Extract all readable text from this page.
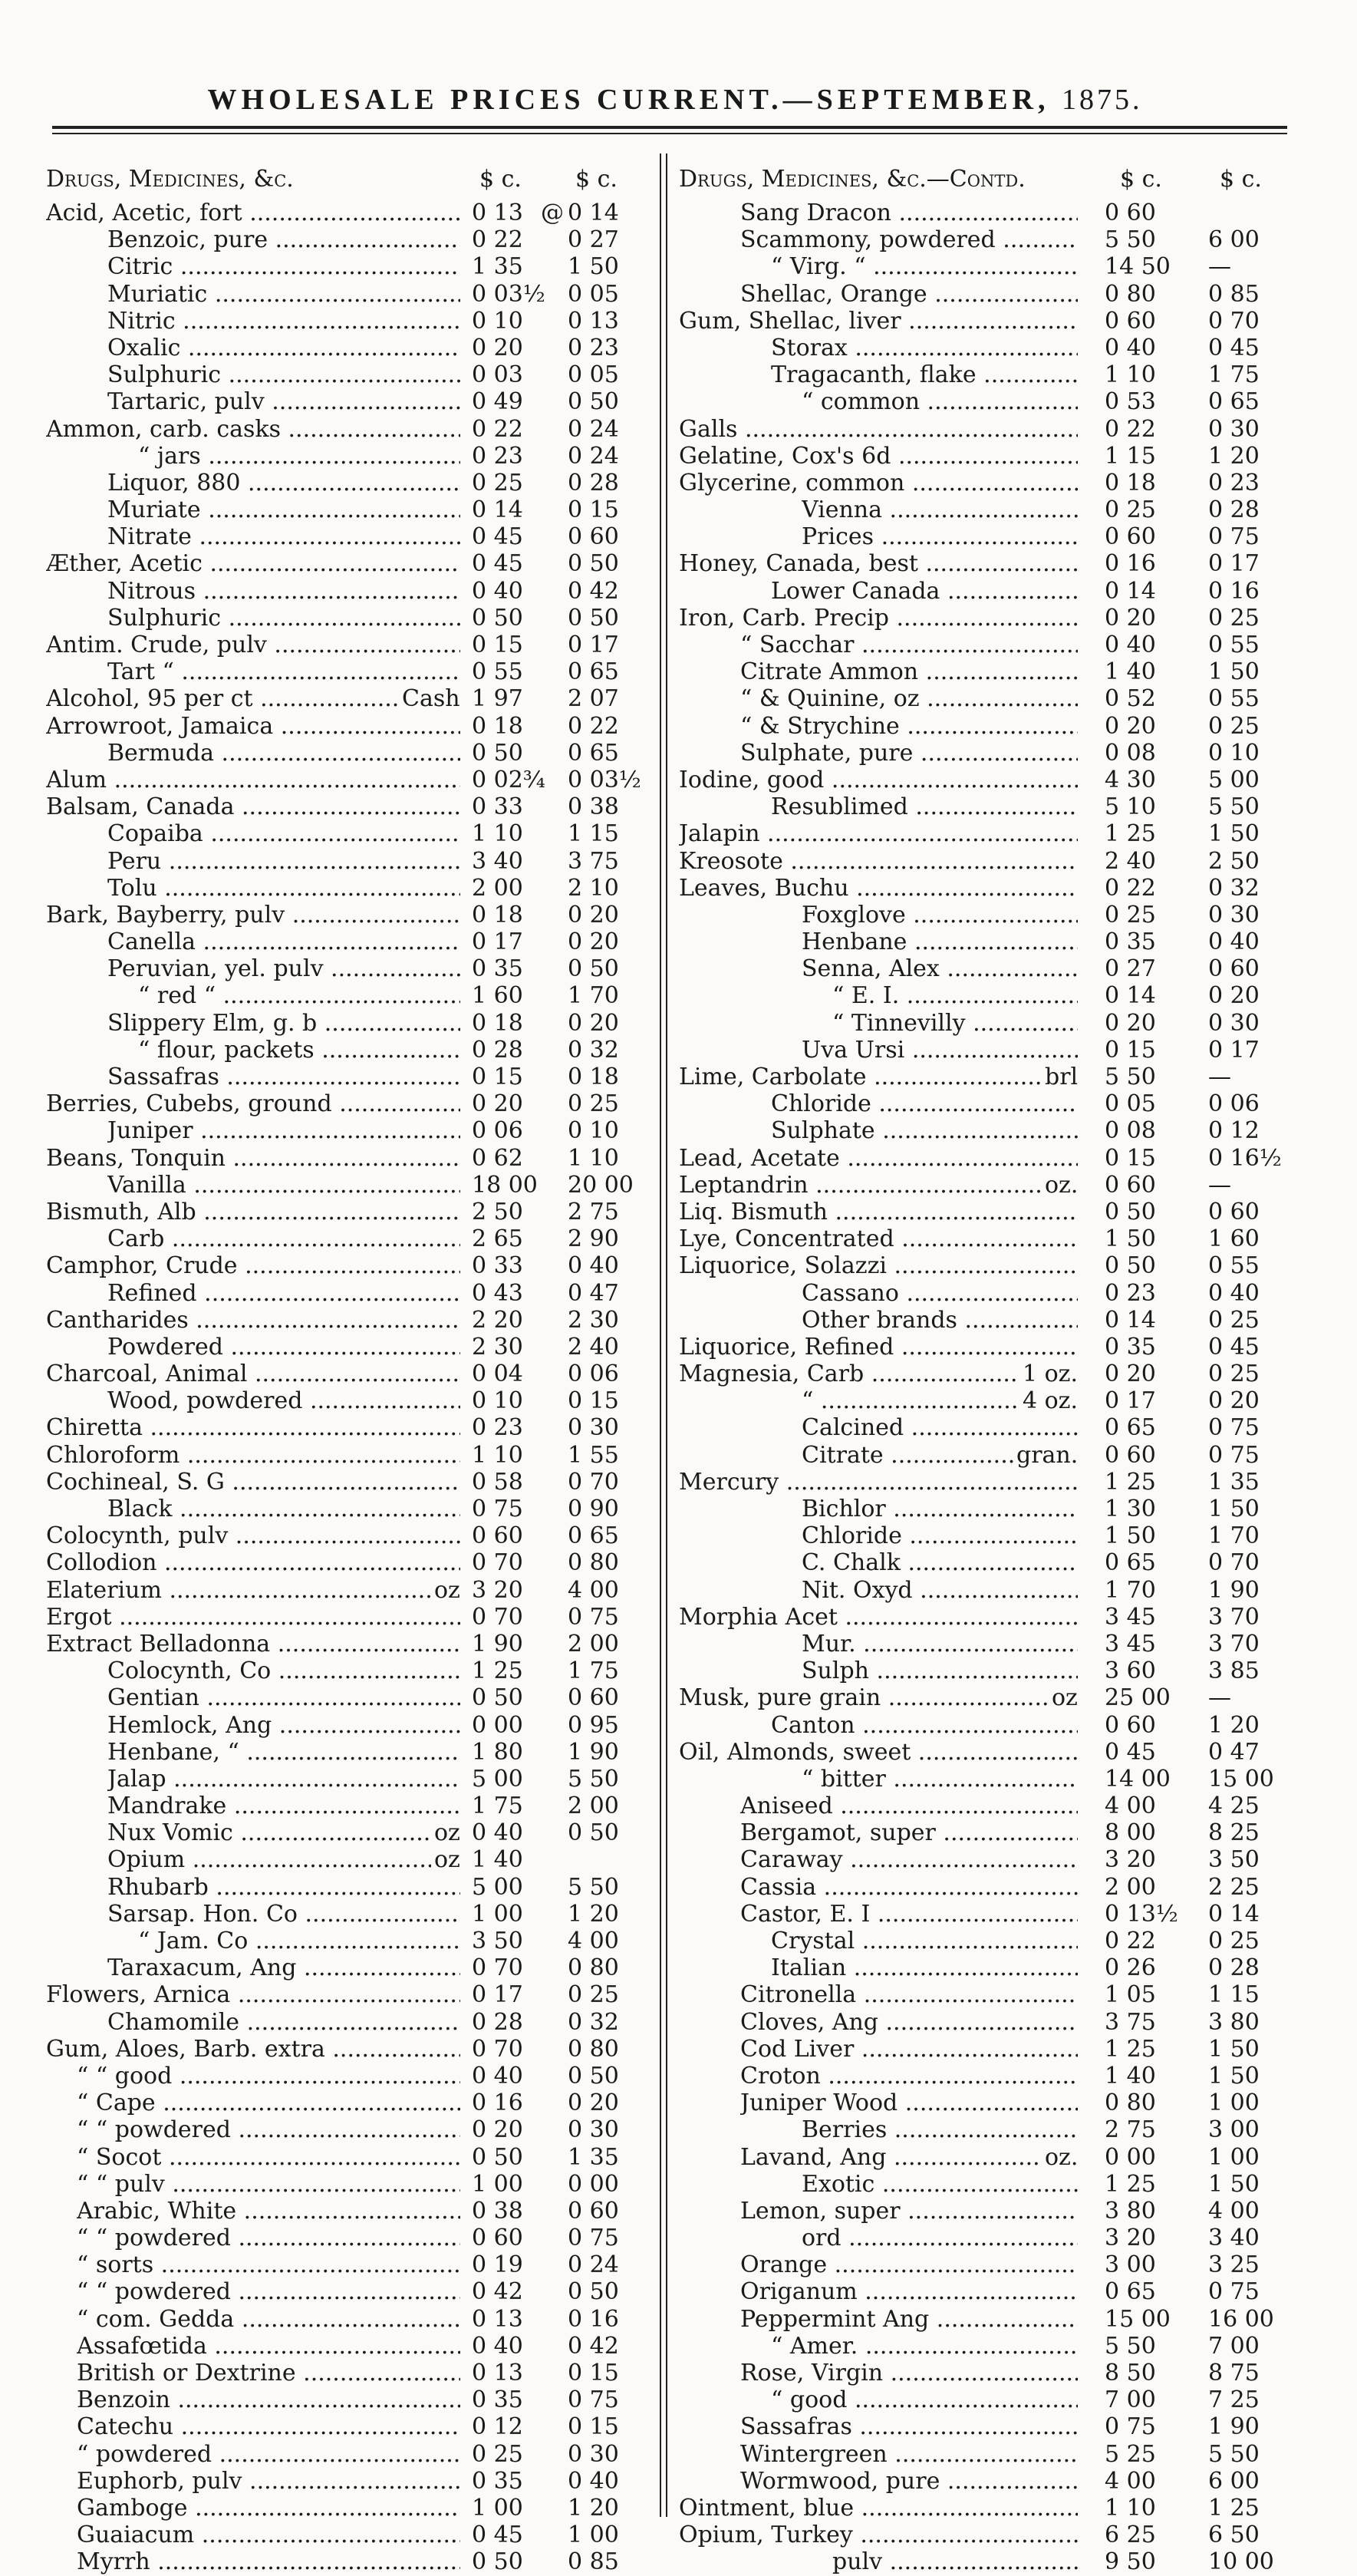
WHOLESALE PRICES CURRENT.—SEPTEMBER, 1875.
Drugs, Medicines, &c.	$ c. $ c.
Acid, Acetic, fort .....	0 13 @ 0 14
Benzoic, pure .....	0 22	0 27
Citric .....	1 35	1 50
Muriatic .....	0 03½ 0 05
Nitric .....	0 10	0 13
Oxalic .....	0 20	0 23
Sulphuric .....	0 03	0 05
Tartaric, pulv .....	0 49	0 50
Ammon, carb. casks .....	0 22	0 24
“ jars .....	0 23	0 24
Liquor, 880 .....	0 25	0 28
Muriate .....	0 14	0 15
Nitrate .....	0 45	0 60
Æther, Acetic .....	0 45	0 50
Nitrous .....	0 40	0 42
Sulphuric .....	0 50	0 50
Antim. Crude, pulv .....	0 15	0 17
Tart “ .....	0 55	0 65
Alcohol, 95 per ct .....	Cash 1 97	2 07
Arrowroot, Jamaica .....	0 18	0 22
Bermuda .....	0 50	0 65
Alum .....	0 02¾ 0 03½
Balsam, Canada .....	0 33	0 38
Copaiba .....	1 10	1 15
Peru .....	3 40	3 75
Tolu .....	2 00	2 10
Bark, Bayberry, pulv .....	0 18	0 20
Canella .....	0 17	0 20
Peruvian, yel. pulv .....	0 35	0 50
“ red “ .....	1 60	1 70
Slippery Elm, g. b .....	0 18	0 20
“ flour, packets .....	0 28	0 32
Sassafras .....	0 15	0 18
Berries, Cubebs, ground .....	0 20	0 25
Juniper .....	0 06	0 10
Beans, Tonquin .....	0 62	1 10
Vanilla .....	18 00	20 00
Bismuth, Alb .....	2 50	2 75
Carb .....	2 65	2 90
Camphor, Crude .....	0 33	0 40
Refined .....	0 43	0 47
Cantharides .....	2 20	2 30
Powdered .....	2 30	2 40
Charcoal, Animal .....	0 04	0 06
Wood, powdered .....	0 10	0 15
Chiretta .....	0 23	0 30
Chloroform .....	1 10	1 55
Cochineal, S. G .....	0 58	0 70
Black .....	0 75	0 90
Colocynth, pulv .....	0 60	0 65
Collodion .....	0 70	0 80
Elaterium .....	oz 3 20	4 00
Ergot .....	0 70	0 75
Extract Belladonna .....	1 90	2 00
Colocynth, Co .....	1 25	1 75
Gentian .....	0 50	0 60
Hemlock, Ang .....	0 00	0 95
Henbane, “ .....	1 80	1 90
Jalap .....	5 00	5 50
Mandrake .....	1 75	2 00
Nux Vomic .....	oz 0 40	0 50
Opium .....	oz 1 40
Rhubarb .....	5 00	5 50
Sarsap. Hon. Co .....	1 00	1 20
“ Jam. Co .....	3 50	4 00
Taraxacum, Ang .....	0 70	0 80
Flowers, Arnica .....	0 17	0 25
Chamomile .....	0 28	0 32
Gum, Aloes, Barb. extra .....	0 70	0 80
“ “ good .....	0 40	0 50
“ Cape .....	0 16	0 20
“ “ powdered .....	0 20	0 30
“ Socot .....	0 50	1 35
“ “ pulv .....	1 00	0 00
Arabic, White .....	0 38	0 60
“ “ powdered .....	0 60	0 75
“ sorts .....	0 19	0 24
“ “ powdered .....	0 42	0 50
“ com. Gedda .....	0 13	0 16
Assafœtida .....	0 40	0 42
British or Dextrine .....	0 13	0 15
Benzoin .....	0 35	0 75
Catechu .....	0 12	0 15
“ powdered .....	0 25	0 30
Euphorb, pulv .....	0 35	0 40
Gamboge .....	1 00	1 20
Guaiacum .....	0 45	1 00
Myrrh .....	0 50	0 85
Drugs, Medicines, &c.—Contd.	$ c.	$ c.
Sang Dracon .....	0 60
Scammony, powdered .....	5 50	6 00
“ Virg. “ .....	14 50	—
Shellac, Orange .....	0 80	0 85
Gum, Shellac, liver .....	0 60	0 70
Storax .....	0 40	0 45
Tragacanth, flake .....	1 10	1 75
“ common .....	0 53	0 65
Galls .....	0 22	0 30
Gelatine, Cox's 6d .....	1 15	1 20
Glycerine, common .....	0 18	0 23
Vienna .....	0 25	0 28
Prices .....	0 60	0 75
Honey, Canada, best .....	0 16	0 17
Lower Canada .....	0 14	0 16
Iron, Carb. Precip .....	0 20	0 25
“ Sacchar .....	0 40	0 55
Citrate Ammon .....	1 40	1 50
“ & Quinine, oz .....	0 52	0 55
“ & Strychine .....	0 20	0 25
Sulphate, pure .....	0 08	0 10
Iodine, good .....	4 30	5 00
Resublimed .....	5 10	5 50
Jalapin .....	1 25	1 50
Kreosote .....	2 40	2 50
Leaves, Buchu .....	0 22	0 32
Foxglove .....	0 25	0 30
Henbane .....	0 35	0 40
Senna, Alex .....	0 27	0 60
“ E. I. .....	0 14	0 20
“ Tinnevilly .....	0 20	0 30
Uva Ursi .....	0 15	0 17
Lime, Carbolate .....	brl 5 50	—
Chloride .....	0 05	0 06
Sulphate .....	0 08	0 12
Lead, Acetate .....	0 15	0 16½
Leptandrin .....	oz. 0 60	—
Liq. Bismuth .....	0 50	0 60
Lye, Concentrated .....	1 50	1 60
Liquorice, Solazzi .....	0 50	0 55
Cassano .....	0 23	0 40
Other brands .....	0 14	0 25
Liquorice, Refined .....	0 35	0 45
Magnesia, Carb .....	1 oz. 0 20	0 25
“ .....	4 oz. 0 17	0 20
Calcined .....	0 65	0 75
Citrate .....	gran. 0 60	0 75
Mercury .....	1 25	1 35
Bichlor .....	1 30	1 50
Chloride .....	1 50	1 70
C. Chalk .....	0 65	0 70
Nit. Oxyd .....	1 70	1 90
Morphia Acet .....	3 45	3 70
Mur. .....	3 45	3 70
Sulph .....	3 60	3 85
Musk, pure grain .....	oz 25 00	—
Canton .....	0 60	1 20
Oil, Almonds, sweet .....	0 45	0 47
“ bitter .....	14 00	15 00
Aniseed .....	4 00	4 25
Bergamot, super .....	8 00	8 25
Caraway .....	3 20	3 50
Cassia .....	2 00	2 25
Castor, E. I .....	0 13½	0 14
Crystal .....	0 22	0 25
Italian .....	0 26	0 28
Citronella .....	1 05	1 15
Cloves, Ang .....	3 75	3 80
Cod Liver .....	1 25	1 50
Croton .....	1 40	1 50
Juniper Wood .....	0 80	1 00
Berries .....	2 75	3 00
Lavand, Ang .....	oz. 0 00	1 00
Exotic .....	1 25	1 50
Lemon, super .....	3 80	4 00
ord .....	3 20	3 40
Orange .....	3 00	3 25
Origanum .....	0 65	0 75
Peppermint Ang .....	15 00	16 00
“ Amer. .....	5 50	7 00
Rose, Virgin .....	8 50	8 75
“ good .....	7 00	7 25
Sassafras .....	0 75	1 90
Wintergreen .....	5 25	5 50
Wormwood, pure .....	4 00	6 00
Ointment, blue .....	1 10	1 25
Opium, Turkey .....	6 25	6 50
pulv .....	9 50	10 00
